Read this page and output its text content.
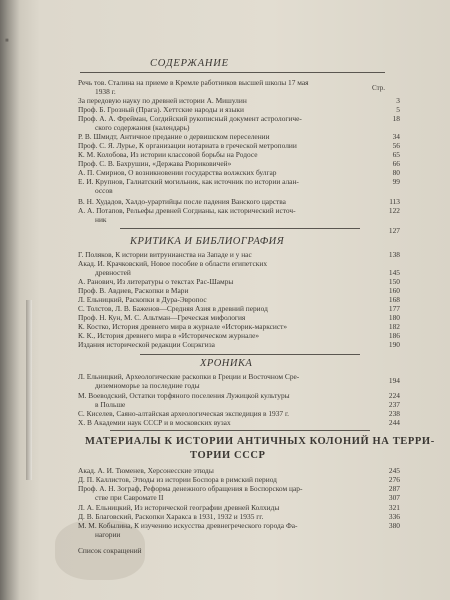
■
СОДЕРЖАНИЕ
Стр.
Речь тов. Сталина на приеме в Кремле работников высшей школы 17 мая
1938 г.
За передовую науку по древней истории А. Мишулин	3
Проф. Б. Грозный (Прага). Хеттские народы и языки	5
Проф. А. А. Фрейман, Согдийский рукописный документ астрологиче-	18
ского содержания (календарь)
Р. В. Шмидт, Античное предание о дервишском переселении	34
Проф. С. Я. Лурье, К организации нотариата в греческой метрополии	56
К. М. Колобова, Из истории классовой борьбы на Родосе	65
Проф. С. В. Бахрушин, «Держава Рюриковичей»	66
А. П. Смирнов, О возникновении государства волжских булгар	80
Е. И. Крупнов, Галиатский могильник, как источник по истории алан-	99
оссов
В. Н. Худадов, Халдо-урартийцы после падения Ванского царства	113
А. А. Потапов, Рельефы древней Согдианы, как исторический источ-	122
ник
127
КРИТИКА И БИБЛИОГРАФИЯ
Г. Поляков, К истории витрунианства на Западе и у нас	138
Акад. И. Крачковский, Новое пособие в области египетских
древностей	145
А. Ранович, Из литературы о текстах Рас-Шамры	150
Проф. В. Авдиев, Раскопки в Мари	160
Л. Ельницкий, Раскопки в Дура-Эвропос	168
С. Толстов, Л. В. Баженов—Средняя Азия в древний период	177
Проф. Н. Кун, М. С. Альтман—Греческая мифология	180
К. Костко, История древнего мира в журнале «Историк-марксист»	182
К. К., История древнего мира в «Историческом журнале»	186
Издания исторической редакции Соцэкгиза	190
ХРОНИКА
Л. Ельницкий, Археологические раскопки в Греции и Восточном Сре-	194
диземноморье за последние годы
М. Воеводский, Остатки торфяного поселения Лужицкой культуры	224
в Польше	237
С. Киселев, Саяно-алтайская археологическая экспедиция в 1937 г.	238
Х. В Академии наук СССР и в московских вузах	244
МАТЕРИАЛЫ К ИСТОРИИ АНТИЧНЫХ КОЛОНИЙ НА ТЕРРИ-
ТОРИИ СССР
Акад. А. И. Тюменев, Херсонесские этюды	245
Д. П. Каллистов, Этюды из истории Боспора в римский период	276
Проф. А. Н. Зограф, Реформа денежного обращения в Боспорском цар-	287
стве при Савромате II	307
Л. А. Ельницкий, Из исторической географии древней Колхиды	321
Д. В. Благовский, Раскопки Харакса в 1931, 1932 и 1935 гг.	336
М. М. Кобылина, К изучению искусства древнегреческого города Фа-	380
нагории
Список сокращений
